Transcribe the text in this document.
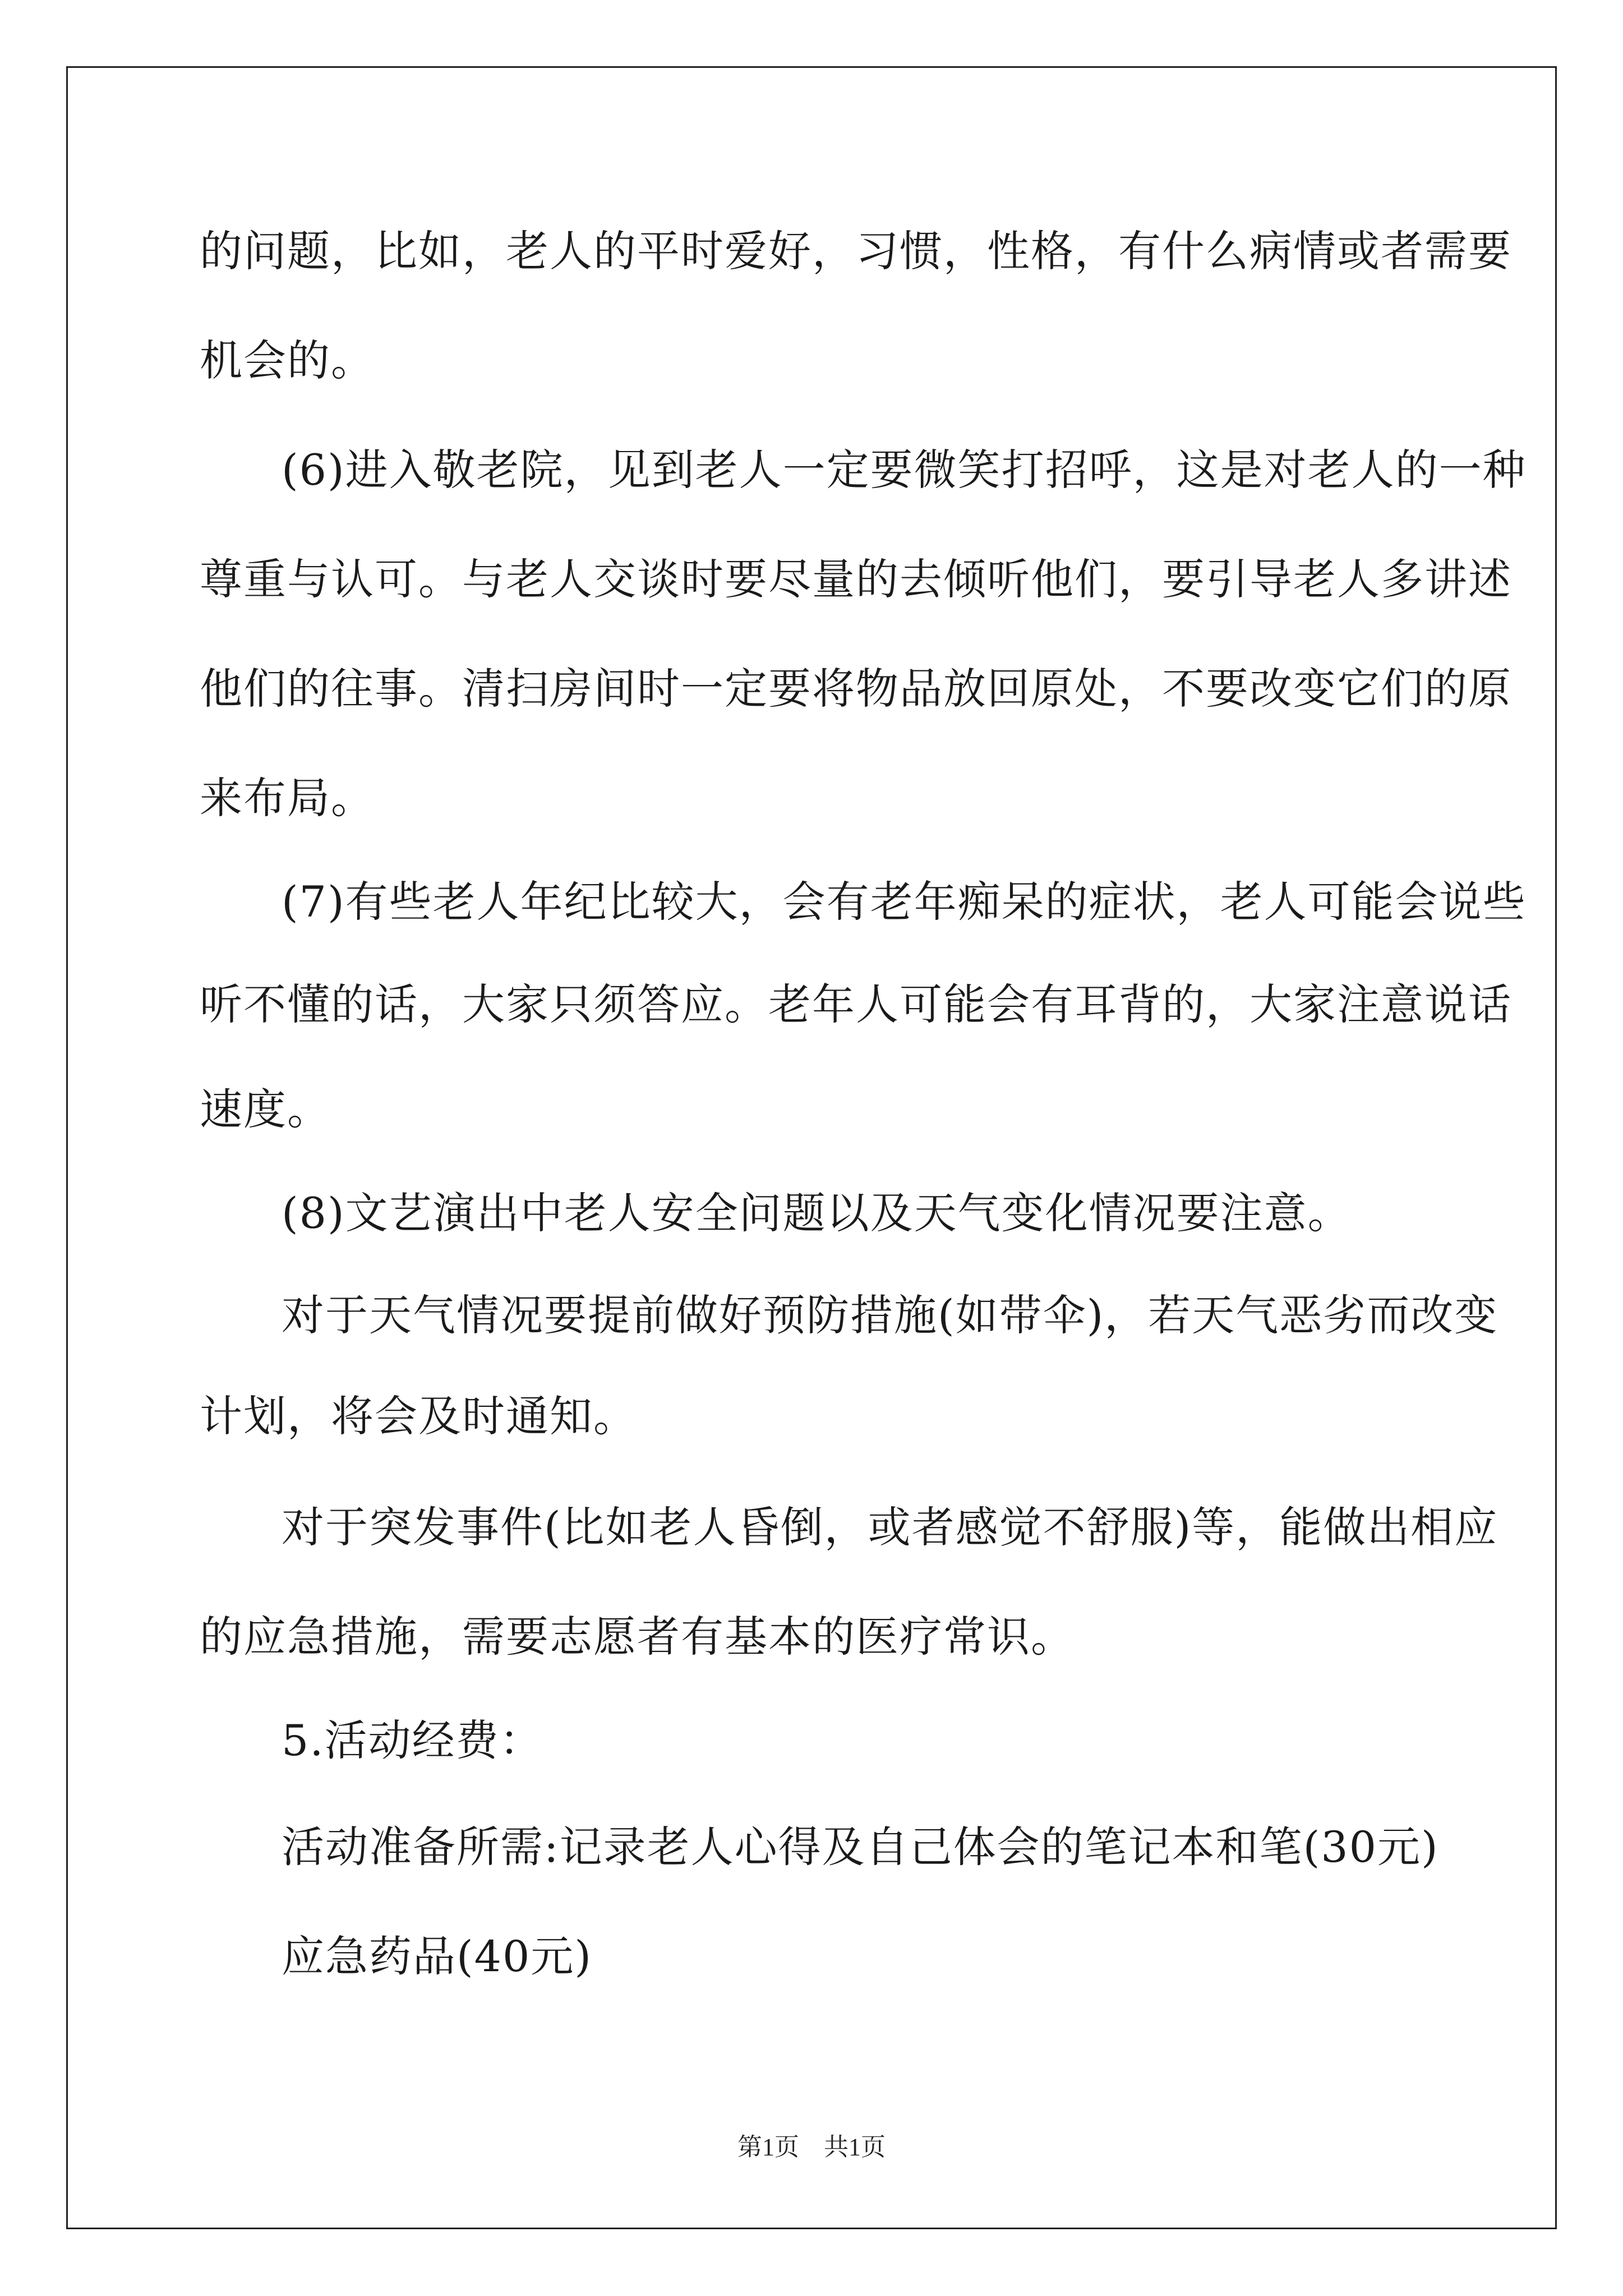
的问题，比如，老人的平时爱好，习惯，性格，有什么病情或者需要
机会的。
(6)进入敬老院，见到老人一定要微笑打招呼，这是对老人的一种
尊重与认可。与老人交谈时要尽量的去倾听他们，要引导老人多讲述
他们的往事。清扫房间时一定要将物品放回原处，不要改变它们的原
来布局。
(7)有些老人年纪比较大，会有老年痴呆的症状，老人可能会说些
听不懂的话，大家只须答应。老年人可能会有耳背的，大家注意说话
速度。
(8)文艺演出中老人安全问题以及天气变化情况要注意。
对于天气情况要提前做好预防措施(如带伞)，若天气恶劣而改变
计划，将会及时通知。
对于突发事件(比如老人昏倒，或者感觉不舒服)等，能做出相应
的应急措施，需要志愿者有基本的医疗常识。
5.活动经费：
活动准备所需:记录老人心得及自己体会的笔记本和笔(30元)
应急药品(40元)
第1页　共1页
